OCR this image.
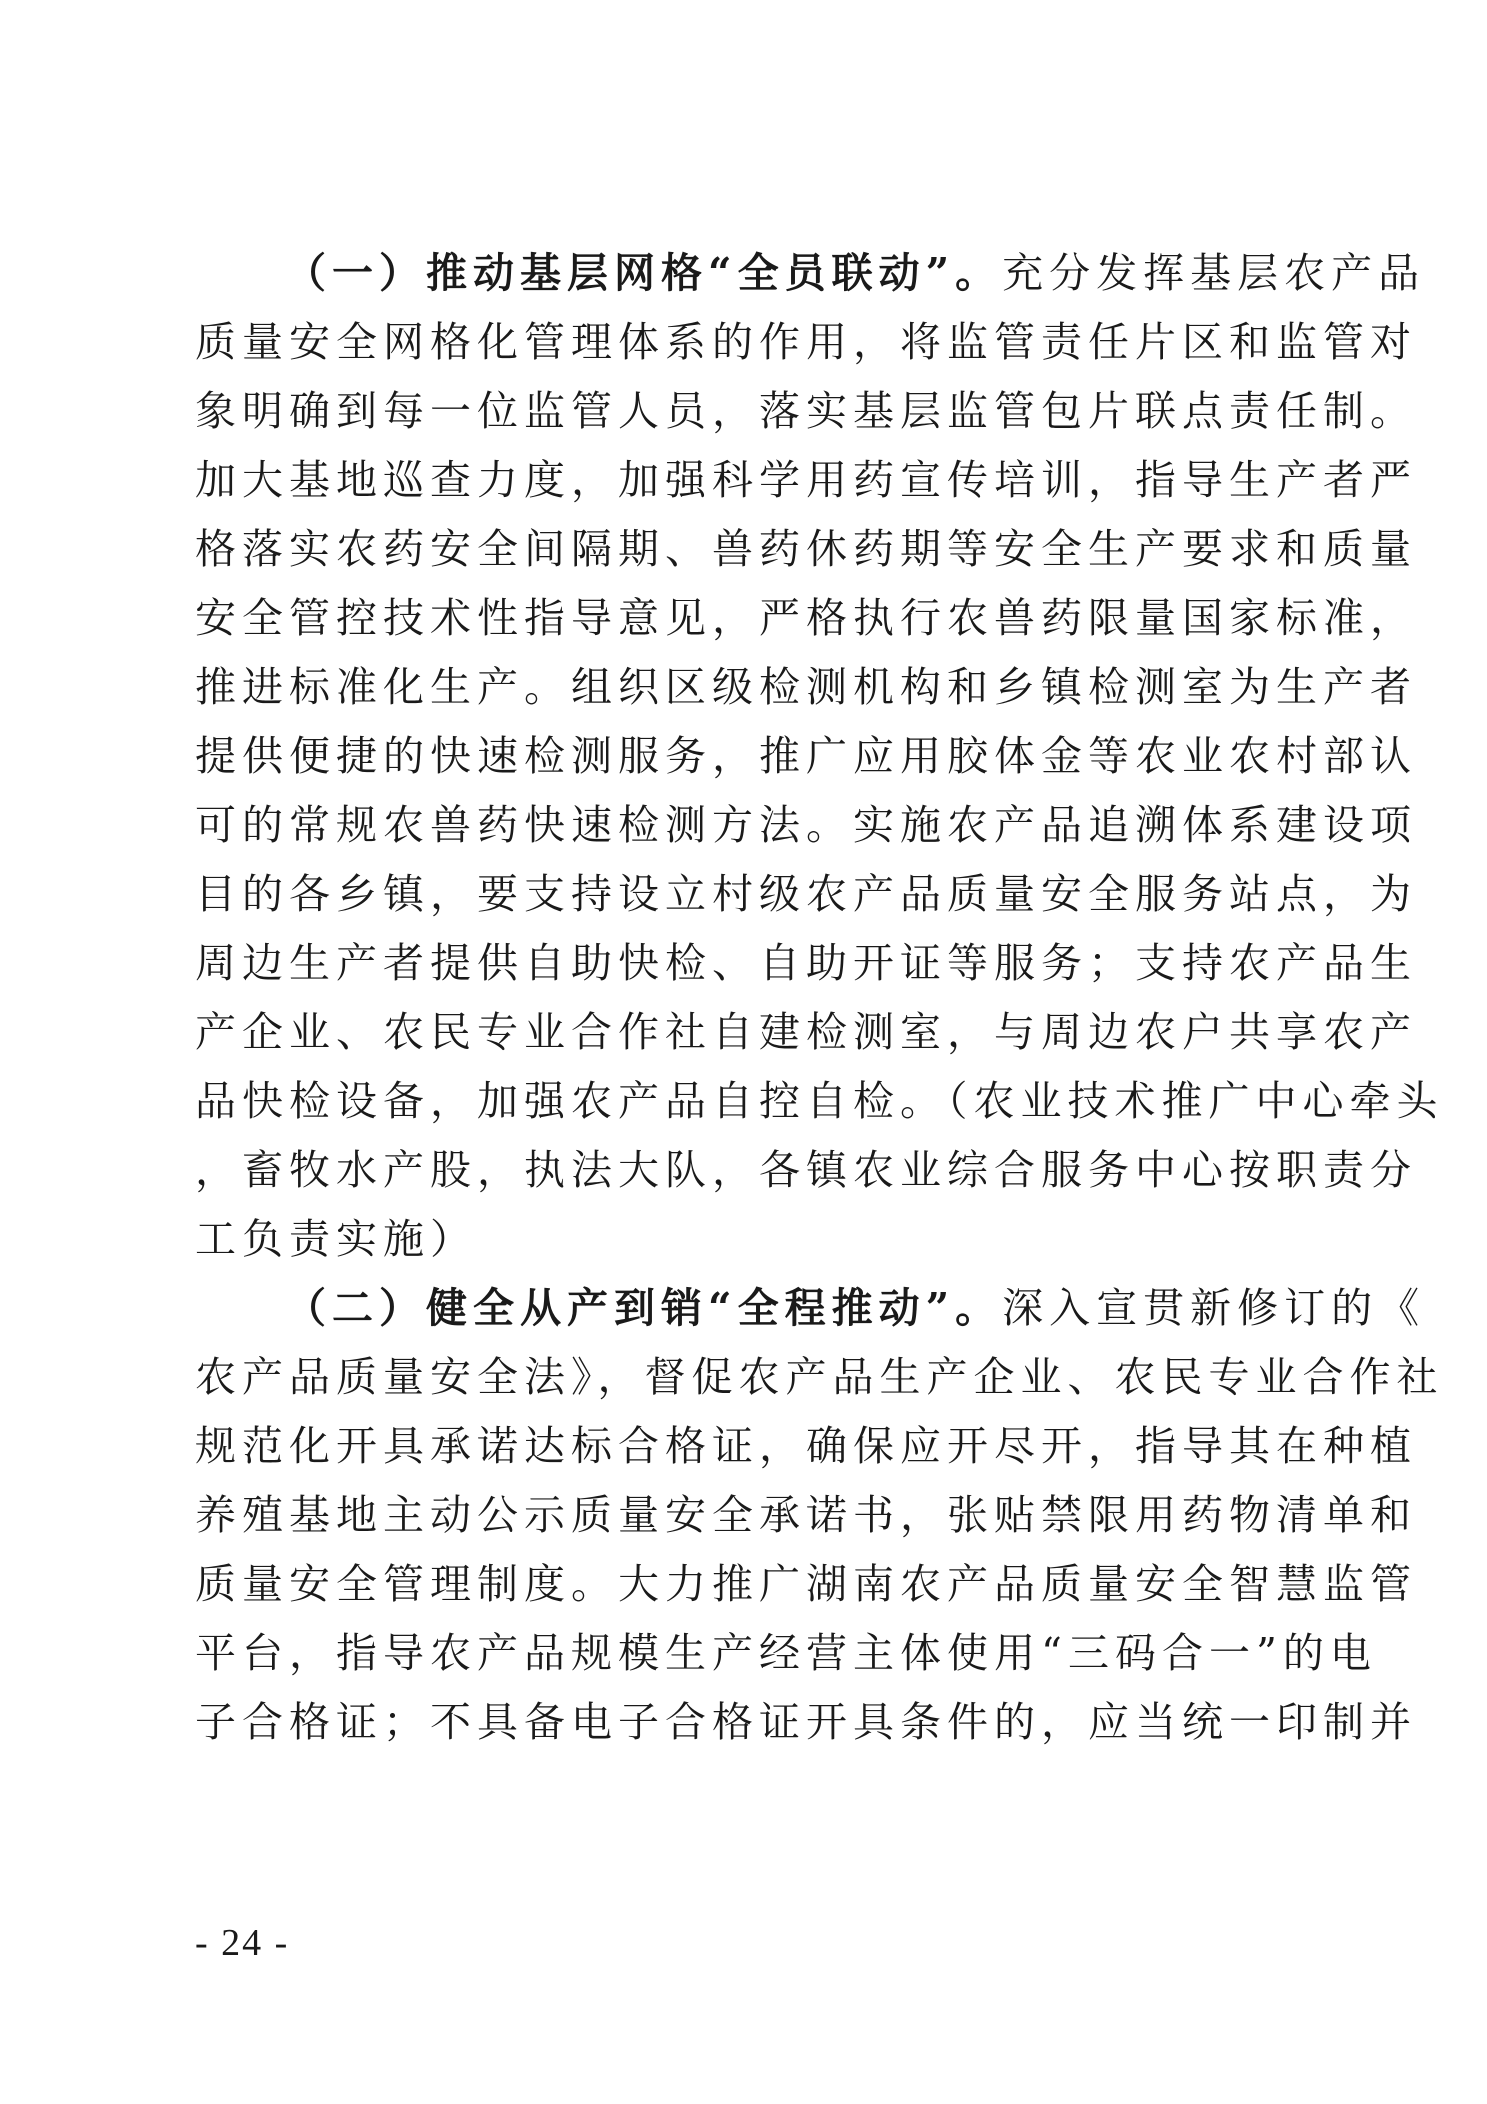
（一）推动基层网格“全员联动”。充分发挥基层农产品
质量安全网格化管理体系的作用，将监管责任片区和监管对
象明确到每一位监管人员，落实基层监管包片联点责任制。
加大基地巡查力度，加强科学用药宣传培训，指导生产者严
格落实农药安全间隔期、兽药休药期等安全生产要求和质量
安全管控技术性指导意见，严格执行农兽药限量国家标准，
推进标准化生产。组织区级检测机构和乡镇检测室为生产者
提供便捷的快速检测服务，推广应用胶体金等农业农村部认
可的常规农兽药快速检测方法。实施农产品追溯体系建设项
目的各乡镇，要支持设立村级农产品质量安全服务站点，为
周边生产者提供自助快检、自助开证等服务；支持农产品生
产企业、农民专业合作社自建检测室，与周边农户共享农产
品快检设备，加强农产品自控自检。（农业技术推广中心牵头
，畜牧水产股，执法大队，各镇农业综合服务中心按职责分
工负责实施）
（二）健全从产到销“全程推动”。深入宣贯新修订的《
农产品质量安全法》，督促农产品生产企业、农民专业合作社
规范化开具承诺达标合格证，确保应开尽开，指导其在种植
养殖基地主动公示质量安全承诺书，张贴禁限用药物清单和
质量安全管理制度。大力推广湖南农产品质量安全智慧监管
平台，指导农产品规模生产经营主体使用“三码合一”的电
子合格证；不具备电子合格证开具条件的，应当统一印制并
- 24 -
